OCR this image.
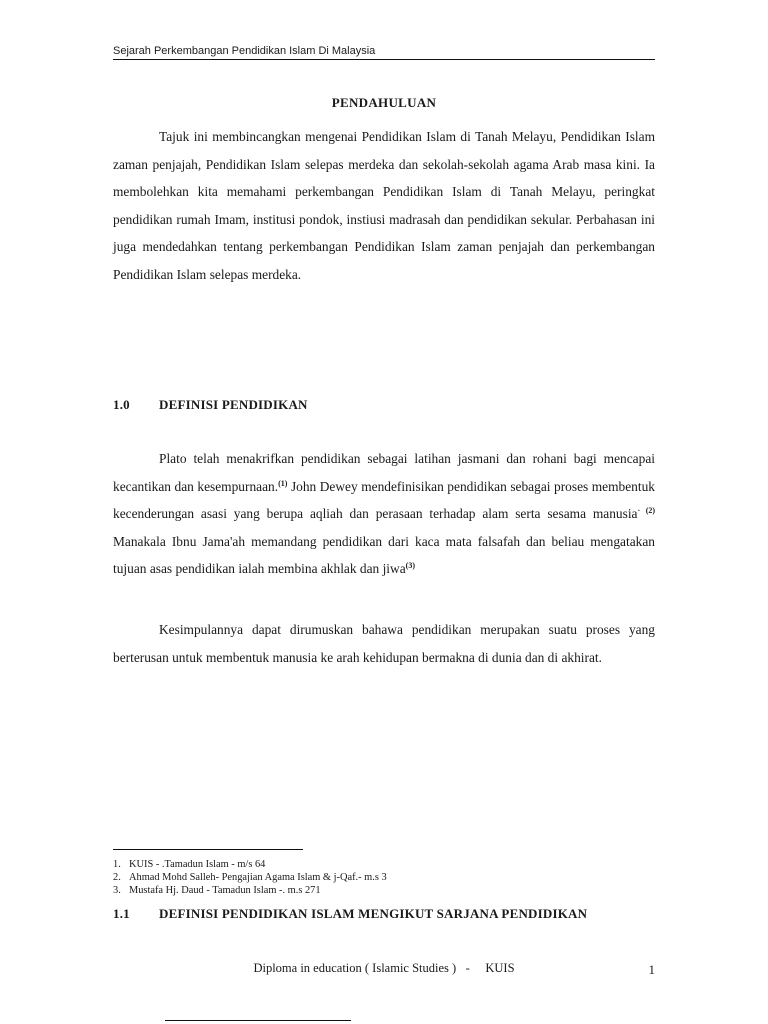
Sejarah Perkembangan Pendidikan Islam Di Malaysia
PENDAHULUAN

Tajuk ini membincangkan mengenai Pendidikan Islam di Tanah Melayu, Pendidikan Islam zaman penjajah, Pendidikan Islam selepas merdeka dan sekolah-sekolah agama Arab masa kini. Ia membolehkan kita memahami perkembangan Pendidikan Islam di Tanah Melayu, peringkat pendidikan rumah Imam, institusi pondok, instiusi madrasah dan pendidikan sekular. Perbahasan ini juga mendedahkan tentang perkembangan Pendidikan Islam zaman penjajah dan perkembangan Pendidikan Islam selepas merdeka.

1.0 DEFINISI PENDIDIKAN

Plato telah menakrifkan pendidikan sebagai latihan jasmani dan rohani bagi mencapai kecantikan dan kesempurnaan.$^{(1)}$ John Dewey mendefinisikan pendidikan sebagai proses membentuk kecenderungan asasi yang berupa aqliah dan perasaan terhadap alam serta sesama manusia· $^{(2)}$ Manakala Ibnu Jama'ah memandang pendidikan dari kaca mata falsafah dan beliau mengatakan tujuan asas pendidikan ialah membina akhlak dan jiwa$^{(3)}$

Kesimpulannya dapat dirumuskan bahawa pendidikan merupakan suatu proses yang berterusan untuk membentuk manusia ke arah kehidupan bermakna di dunia dan di akhirat.

1. KUIS - .Tamadun Islam - m/s 64
2. Ahmad Mohd Salleh- Pengajian Agama Islam & j-Qaf.- m.s 3
3. Mustafa Hj. Daud - Tamadun Islam -. m.s 271
1.1 DEFINISI PENDIDIKAN ISLAM MENGIKUT SARJANA PENDIDIKAN
Diploma in education ( Islamic Studies )   -     KUIS	1
